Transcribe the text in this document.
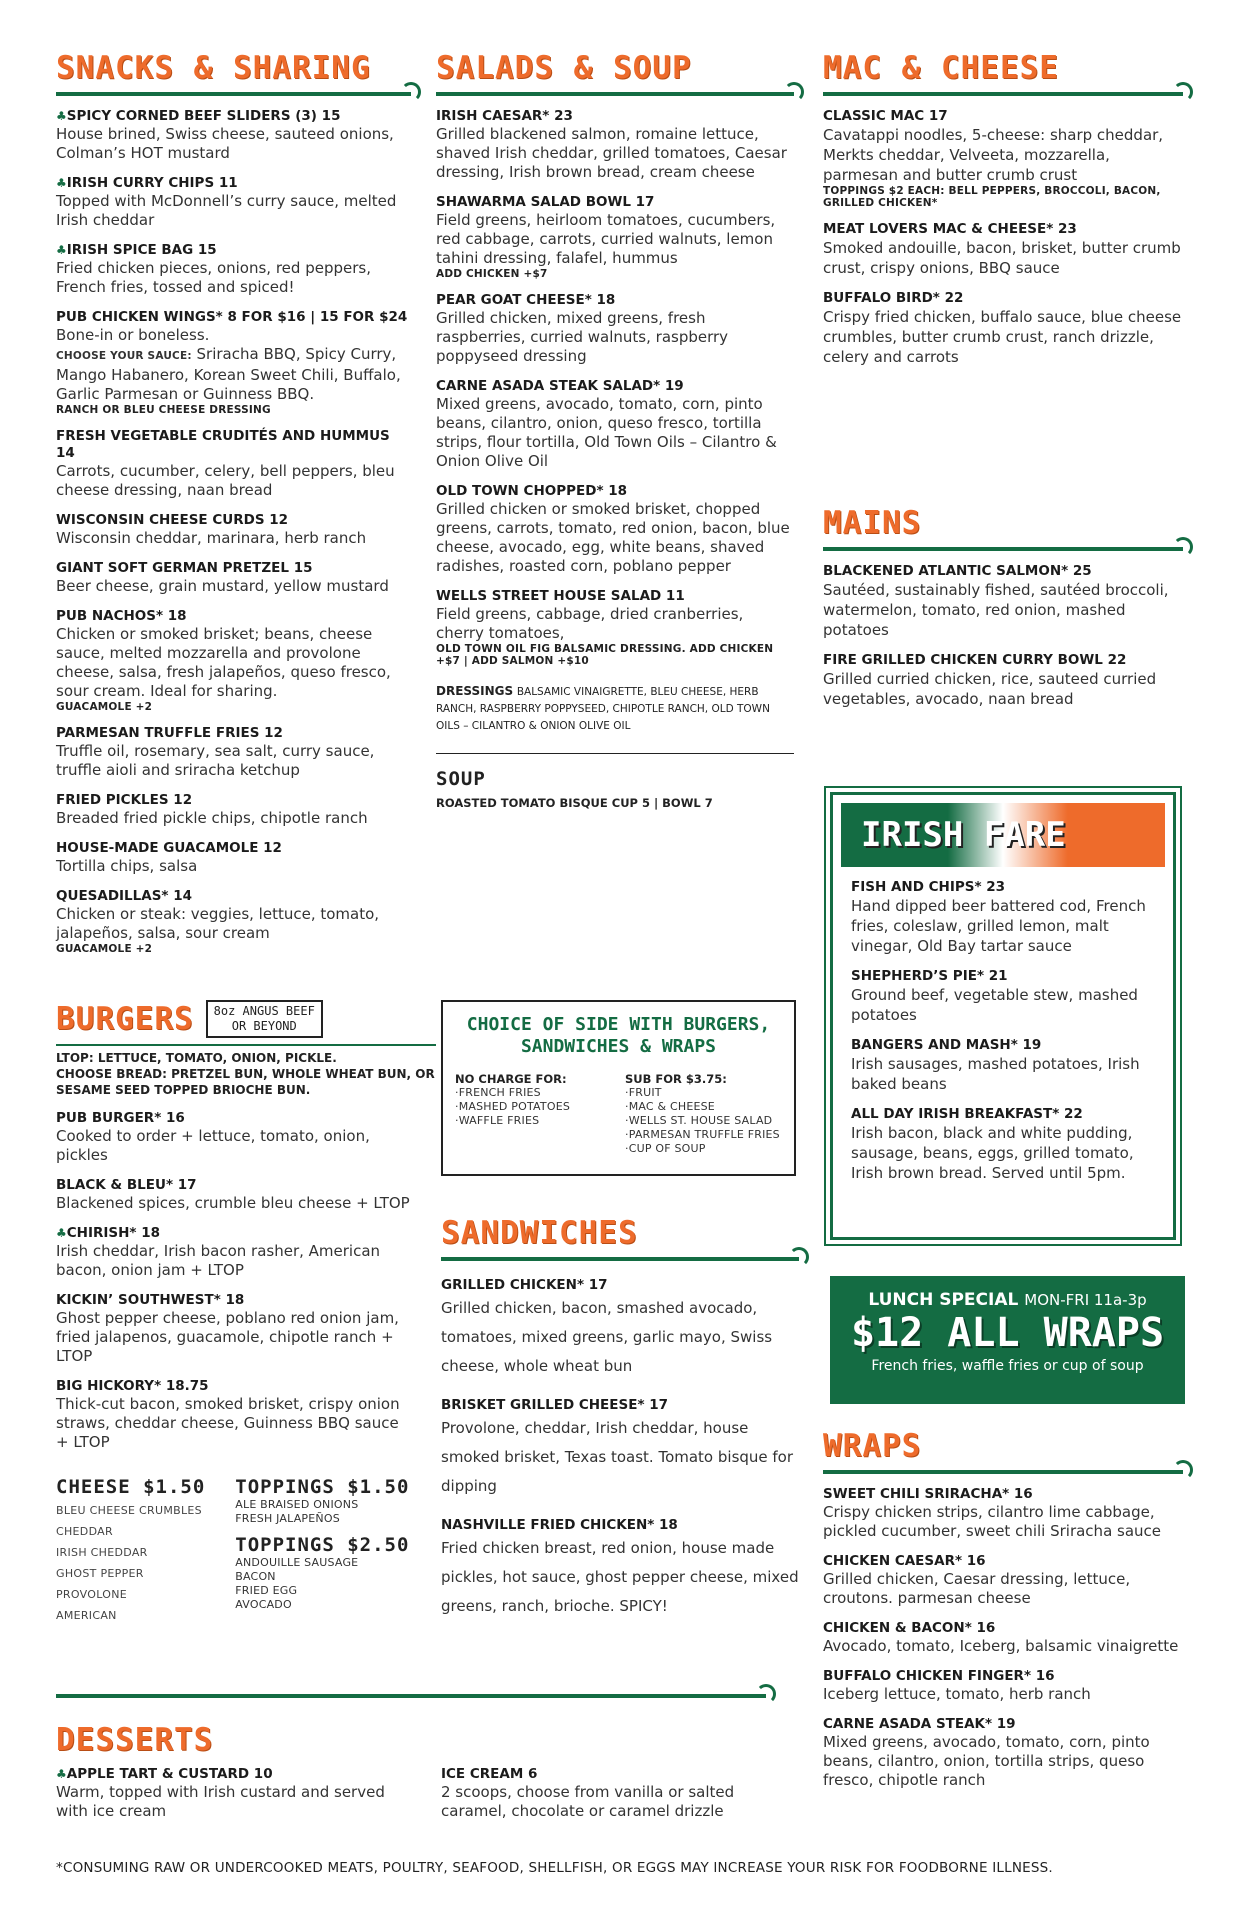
SNACKS & SHARING
♣SPICY CORNED BEEF SLIDERS (3) 15
House brined, Swiss cheese, sauteed onions, Colman’s HOT mustard
♣IRISH CURRY CHIPS 11
Topped with McDonnell’s curry sauce, melted Irish cheddar
♣IRISH SPICE BAG 15
Fried chicken pieces, onions, red peppers, French fries, tossed and spiced!
PUB CHICKEN WINGS* 8 FOR $16 | 15 FOR $24
Bone-in or boneless.
CHOOSE YOUR SAUCE: Sriracha BBQ, Spicy Curry, Mango Habanero, Korean Sweet Chili, Buffalo, Garlic Parmesan or Guinness BBQ.
RANCH OR BLEU CHEESE DRESSING
FRESH VEGETABLE CRUDITÉS AND HUMMUS 14
Carrots, cucumber, celery, bell peppers, bleu cheese dressing, naan bread
WISCONSIN CHEESE CURDS 12
Wisconsin cheddar, marinara, herb ranch
GIANT SOFT GERMAN PRETZEL 15
Beer cheese, grain mustard, yellow mustard
PUB NACHOS* 18
Chicken or smoked brisket; beans, cheese sauce, melted mozzarella and provolone cheese, salsa, fresh jalapeños, queso fresco, sour cream. Ideal for sharing.
GUACAMOLE +2
PARMESAN TRUFFLE FRIES 12
Truffle oil, rosemary, sea salt, curry sauce, truffle aioli and sriracha ketchup
FRIED PICKLES 12
Breaded fried pickle chips, chipotle ranch
HOUSE-MADE GUACAMOLE 12
Tortilla chips, salsa
QUESADILLAS* 14
Chicken or steak: veggies, lettuce, tomato, jalapeños, salsa, sour cream
GUACAMOLE +2
SALADS & SOUP
IRISH CAESAR* 23
Grilled blackened salmon, romaine lettuce, shaved Irish cheddar, grilled tomatoes, Caesar dressing, Irish brown bread, cream cheese
SHAWARMA SALAD BOWL 17
Field greens, heirloom tomatoes, cucumbers, red cabbage, carrots, curried walnuts, lemon tahini dressing, falafel, hummus
ADD CHICKEN +$7
PEAR GOAT CHEESE* 18
Grilled chicken, mixed greens, fresh raspberries, curried walnuts, raspberry poppyseed dressing
CARNE ASADA STEAK SALAD* 19
Mixed greens, avocado, tomato, corn, pinto beans, cilantro, onion, queso fresco, tortilla strips, flour tortilla, Old Town Oils – Cilantro & Onion Olive Oil
OLD TOWN CHOPPED* 18
Grilled chicken or smoked brisket, chopped greens, carrots, tomato, red onion, bacon, blue cheese, avocado, egg, white beans, shaved radishes, roasted corn, poblano pepper
WELLS STREET HOUSE SALAD 11
Field greens, cabbage, dried cranberries, cherry tomatoes,
OLD TOWN OIL FIG BALSAMIC DRESSING. ADD CHICKEN +$7 | ADD SALMON +$10
DRESSINGS BALSAMIC VINAIGRETTE, BLEU CHEESE, HERB RANCH, RASPBERRY POPPYSEED, CHIPOTLE RANCH, OLD TOWN OILS – CILANTRO & ONION OLIVE OIL
SOUP
ROASTED TOMATO BISQUE CUP 5 | BOWL 7
MAC & CHEESE
CLASSIC MAC 17
Cavatappi noodles, 5-cheese: sharp cheddar, Merkts cheddar, Velveeta, mozzarella, parmesan and butter crumb crust
TOPPINGS $2 EACH: BELL PEPPERS, BROCCOLI, BACON, GRILLED CHICKEN*
MEAT LOVERS MAC & CHEESE* 23
Smoked andouille, bacon, brisket, butter crumb crust, crispy onions, BBQ sauce
BUFFALO BIRD* 22
Crispy fried chicken, buffalo sauce, blue cheese crumbles, butter crumb crust, ranch drizzle, celery and carrots
MAINS
BLACKENED ATLANTIC SALMON* 25
Sautéed, sustainably fished, sautéed broccoli, watermelon, tomato, red onion, mashed potatoes
FIRE GRILLED CHICKEN CURRY BOWL 22
Grilled curried chicken, rice, sauteed curried vegetables, avocado, naan bread
IRISH FARE
FISH AND CHIPS* 23
Hand dipped beer battered cod, French fries, coleslaw, grilled lemon, malt vinegar, Old Bay tartar sauce
SHEPHERD’S PIE* 21
Ground beef, vegetable stew, mashed potatoes
BANGERS AND MASH* 19
Irish sausages, mashed potatoes, Irish baked beans
ALL DAY IRISH BREAKFAST* 22
Irish bacon, black and white pudding, sausage, beans, eggs, grilled tomato, Irish brown bread. Served until 5pm.
LUNCH SPECIAL MON-FRI 11a-3p
$12 ALL WRAPS
French fries, waffle fries or cup of soup
WRAPS
SWEET CHILI SRIRACHA* 16
Crispy chicken strips, cilantro lime cabbage, pickled cucumber, sweet chili Sriracha sauce
CHICKEN CAESAR* 16
Grilled chicken, Caesar dressing, lettuce, croutons. parmesan cheese
CHICKEN & BACON* 16
Avocado, tomato, Iceberg, balsamic vinaigrette
BUFFALO CHICKEN FINGER* 16
Iceberg lettuce, tomato, herb ranch
CARNE ASADA STEAK* 19
Mixed greens, avocado, tomato, corn, pinto beans, cilantro, onion, tortilla strips, queso fresco, chipotle ranch
BURGERS 8oz ANGUS BEEF
OR BEYOND
LTOP: LETTUCE, TOMATO, ONION, PICKLE.
CHOOSE BREAD: PRETZEL BUN, WHOLE WHEAT BUN, OR SESAME SEED TOPPED BRIOCHE BUN.
PUB BURGER* 16
Cooked to order + lettuce, tomato, onion, pickles
BLACK & BLEU* 17
Blackened spices, crumble bleu cheese + LTOP
♣CHIRISH* 18
Irish cheddar, Irish bacon rasher, American bacon, onion jam + LTOP
KICKIN’ SOUTHWEST* 18
Ghost pepper cheese, poblano red onion jam, fried jalapenos, guacamole, chipotle ranch + LTOP
BIG HICKORY* 18.75
Thick-cut bacon, smoked brisket, crispy onion straws, cheddar cheese, Guinness BBQ sauce + LTOP
CHEESE $1.50
BLEU CHEESE CRUMBLES
CHEDDAR
IRISH CHEDDAR
GHOST PEPPER
PROVOLONE
AMERICAN
TOPPINGS $1.50
ALE BRAISED ONIONS
FRESH JALAPEÑOS
TOPPINGS $2.50
ANDOUILLE SAUSAGE
BACON
FRIED EGG
AVOCADO
CHOICE OF SIDE WITH BURGERS,
SANDWICHES & WRAPS
NO CHARGE FOR:
·FRENCH FRIES
·MASHED POTATOES
·WAFFLE FRIES
SUB FOR $3.75:
·FRUIT
·MAC & CHEESE
·WELLS ST. HOUSE SALAD
·PARMESAN TRUFFLE FRIES
·CUP OF SOUP
SANDWICHES
GRILLED CHICKEN* 17
Grilled chicken, bacon, smashed avocado, tomatoes, mixed greens, garlic mayo, Swiss cheese, whole wheat bun
BRISKET GRILLED CHEESE* 17
Provolone, cheddar, Irish cheddar, house smoked brisket, Texas toast. Tomato bisque for dipping
NASHVILLE FRIED CHICKEN* 18
Fried chicken breast, red onion, house made pickles, hot sauce, ghost pepper cheese, mixed greens, ranch, brioche. SPICY!
DESSERTS
♣APPLE TART & CUSTARD 10
Warm, topped with Irish custard and served with ice cream
ICE CREAM 6
2 scoops, choose from vanilla or salted caramel, chocolate or caramel drizzle
*CONSUMING RAW OR UNDERCOOKED MEATS, POULTRY, SEAFOOD, SHELLFISH, OR EGGS MAY INCREASE YOUR RISK FOR FOODBORNE ILLNESS.
